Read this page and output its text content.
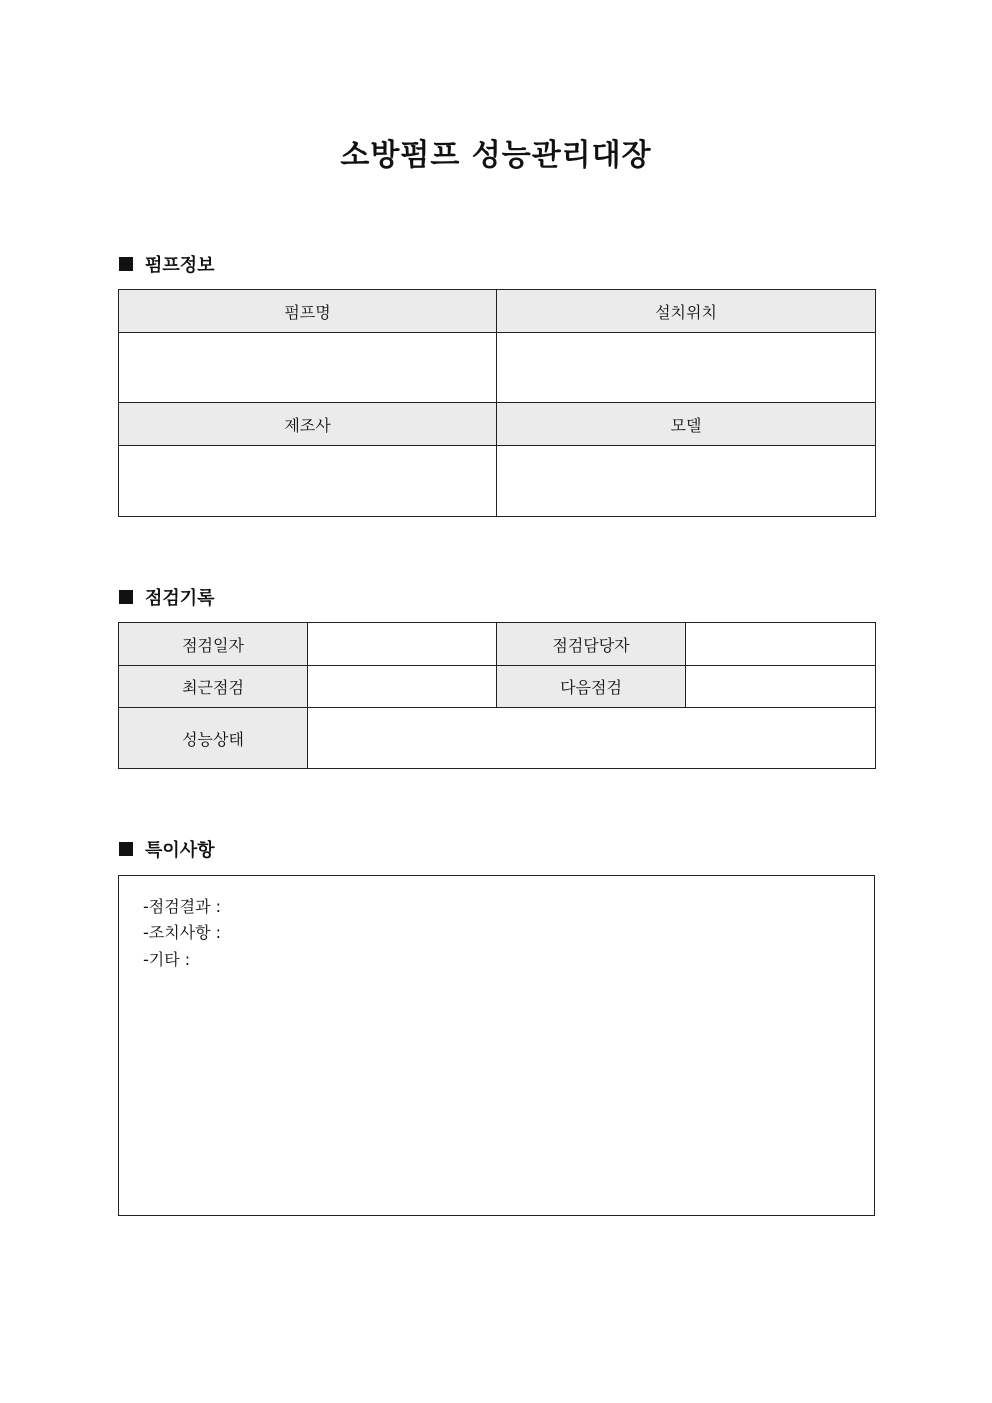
소방펌프 성능관리대장
펌프정보
펌프명	설치위치

제조사	모델

점검기록
점검일자		점검담당자	
최근점검		다음점검	
성능상태			
특이사항
-점검결과 :
-조치사항 :
-기타 :
